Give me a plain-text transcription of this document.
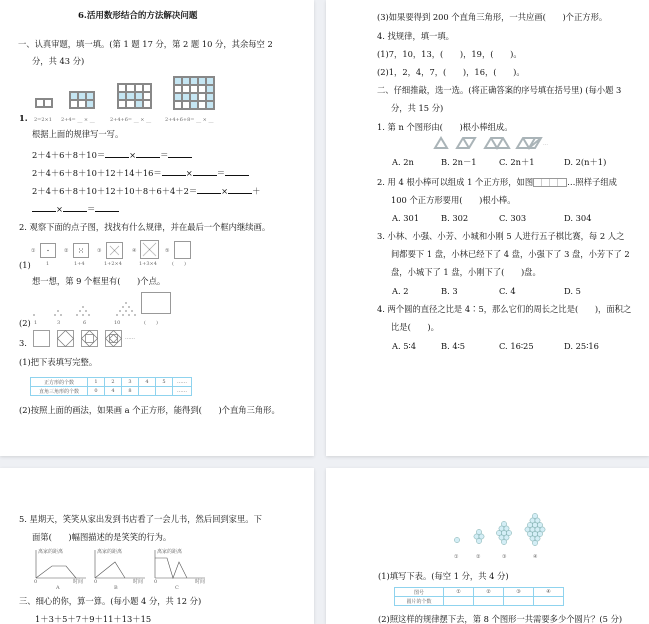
6.活用数形结合的方法解决问题
一、认真审题，填一填。(第 1 题 17 分，第 2 题 10 分，其余每空 2
分，共 43 分)
1. 2=2×1 2+4= __ × __	2+4+6= __ × __	2+4+6+8= __ × __
根据上面的规律写一写。
2＋4＋6＋8＋10＝	×	＝
2＋4＋6＋8＋10＋12＋14＋16＝	×	＝
2＋4＋6＋8＋10＋12＋10＋8＋6＋4＋2＝	×	＋
×	＝
2. 观察下面的点子图，找找有什么规律，并在最后一个框内继续画。
①	②	③	④	⑤
(1)	1	1+4	1+2×4	1+3×4	(　　)
想一想，第 9 个框里有(　　)个点。
(2) 1	3	6	10	(　　)
3.	……
(1)把下表填写完整。
正方形的个数	1	2	3	4	5	……
直角三角形的个数	0	4	8			……
(2)按照上面的画法，如果画 a 个正方形，能得到(　　)个直角三角形。
(3)如果要得到 200 个直角三角形，一共应画(　　)个正方形。
4. 找规律，填一填。
(1)7，10，13，(　　)，19，(　　)。
(2)1，2，4，7，(　　)，16，(　　)。
二、仔细推敲，选一选。(将正确答案的序号填在括号里) (每小题 3
分，共 15 分)
1. 第 n 个图形由(　　)根小棒组成。
…
A. 2n	B. 2n－1	C. 2n＋1	D. 2(n＋1)
2. 用 4 根小棒可以组成 1 个正方形，如图	…照样子组成
100 个正方形要用(　　)根小棒。
A. 301	B. 302	C. 303	D. 304
3. 小林、小强、小芳、小城和小刚 5 人进行五子棋比赛，每 2 人之
间都要下 1 盘，小林已经下了 4 盘，小强下了 3 盘，小芳下了 2
盘，小城下了 1 盘，小刚下了(　　)盘。
A. 2	B. 3	C. 4	D. 5
4. 两个圆的直径之比是 4∶5，那么它们的周长之比是(　　)，面积之
比是(　　)。
A. 5∶4	B. 4∶5	C. 16∶25	D. 25∶16
5. 星期天，笑笑从家出发到书店看了一会儿书，然后回到家里。下
面第(　　)幅图描述的是笑笑的行为。
离家的距离
0	时间
A
离家的距离
0	时间
B
离家的距离
0	时间
C
三、细心的你，算一算。(每小题 4 分，共 12 分)
1＋3＋5＋7＋9＋11＋13＋15
①	②	③	④
(1)填写下表。(每空 1 分，共 4 分)
图号	①	②	③	④
圆片的个数				
(2)照这样的规律摆下去，第 8 个图形一共需要多少个圆片？(5 分)
